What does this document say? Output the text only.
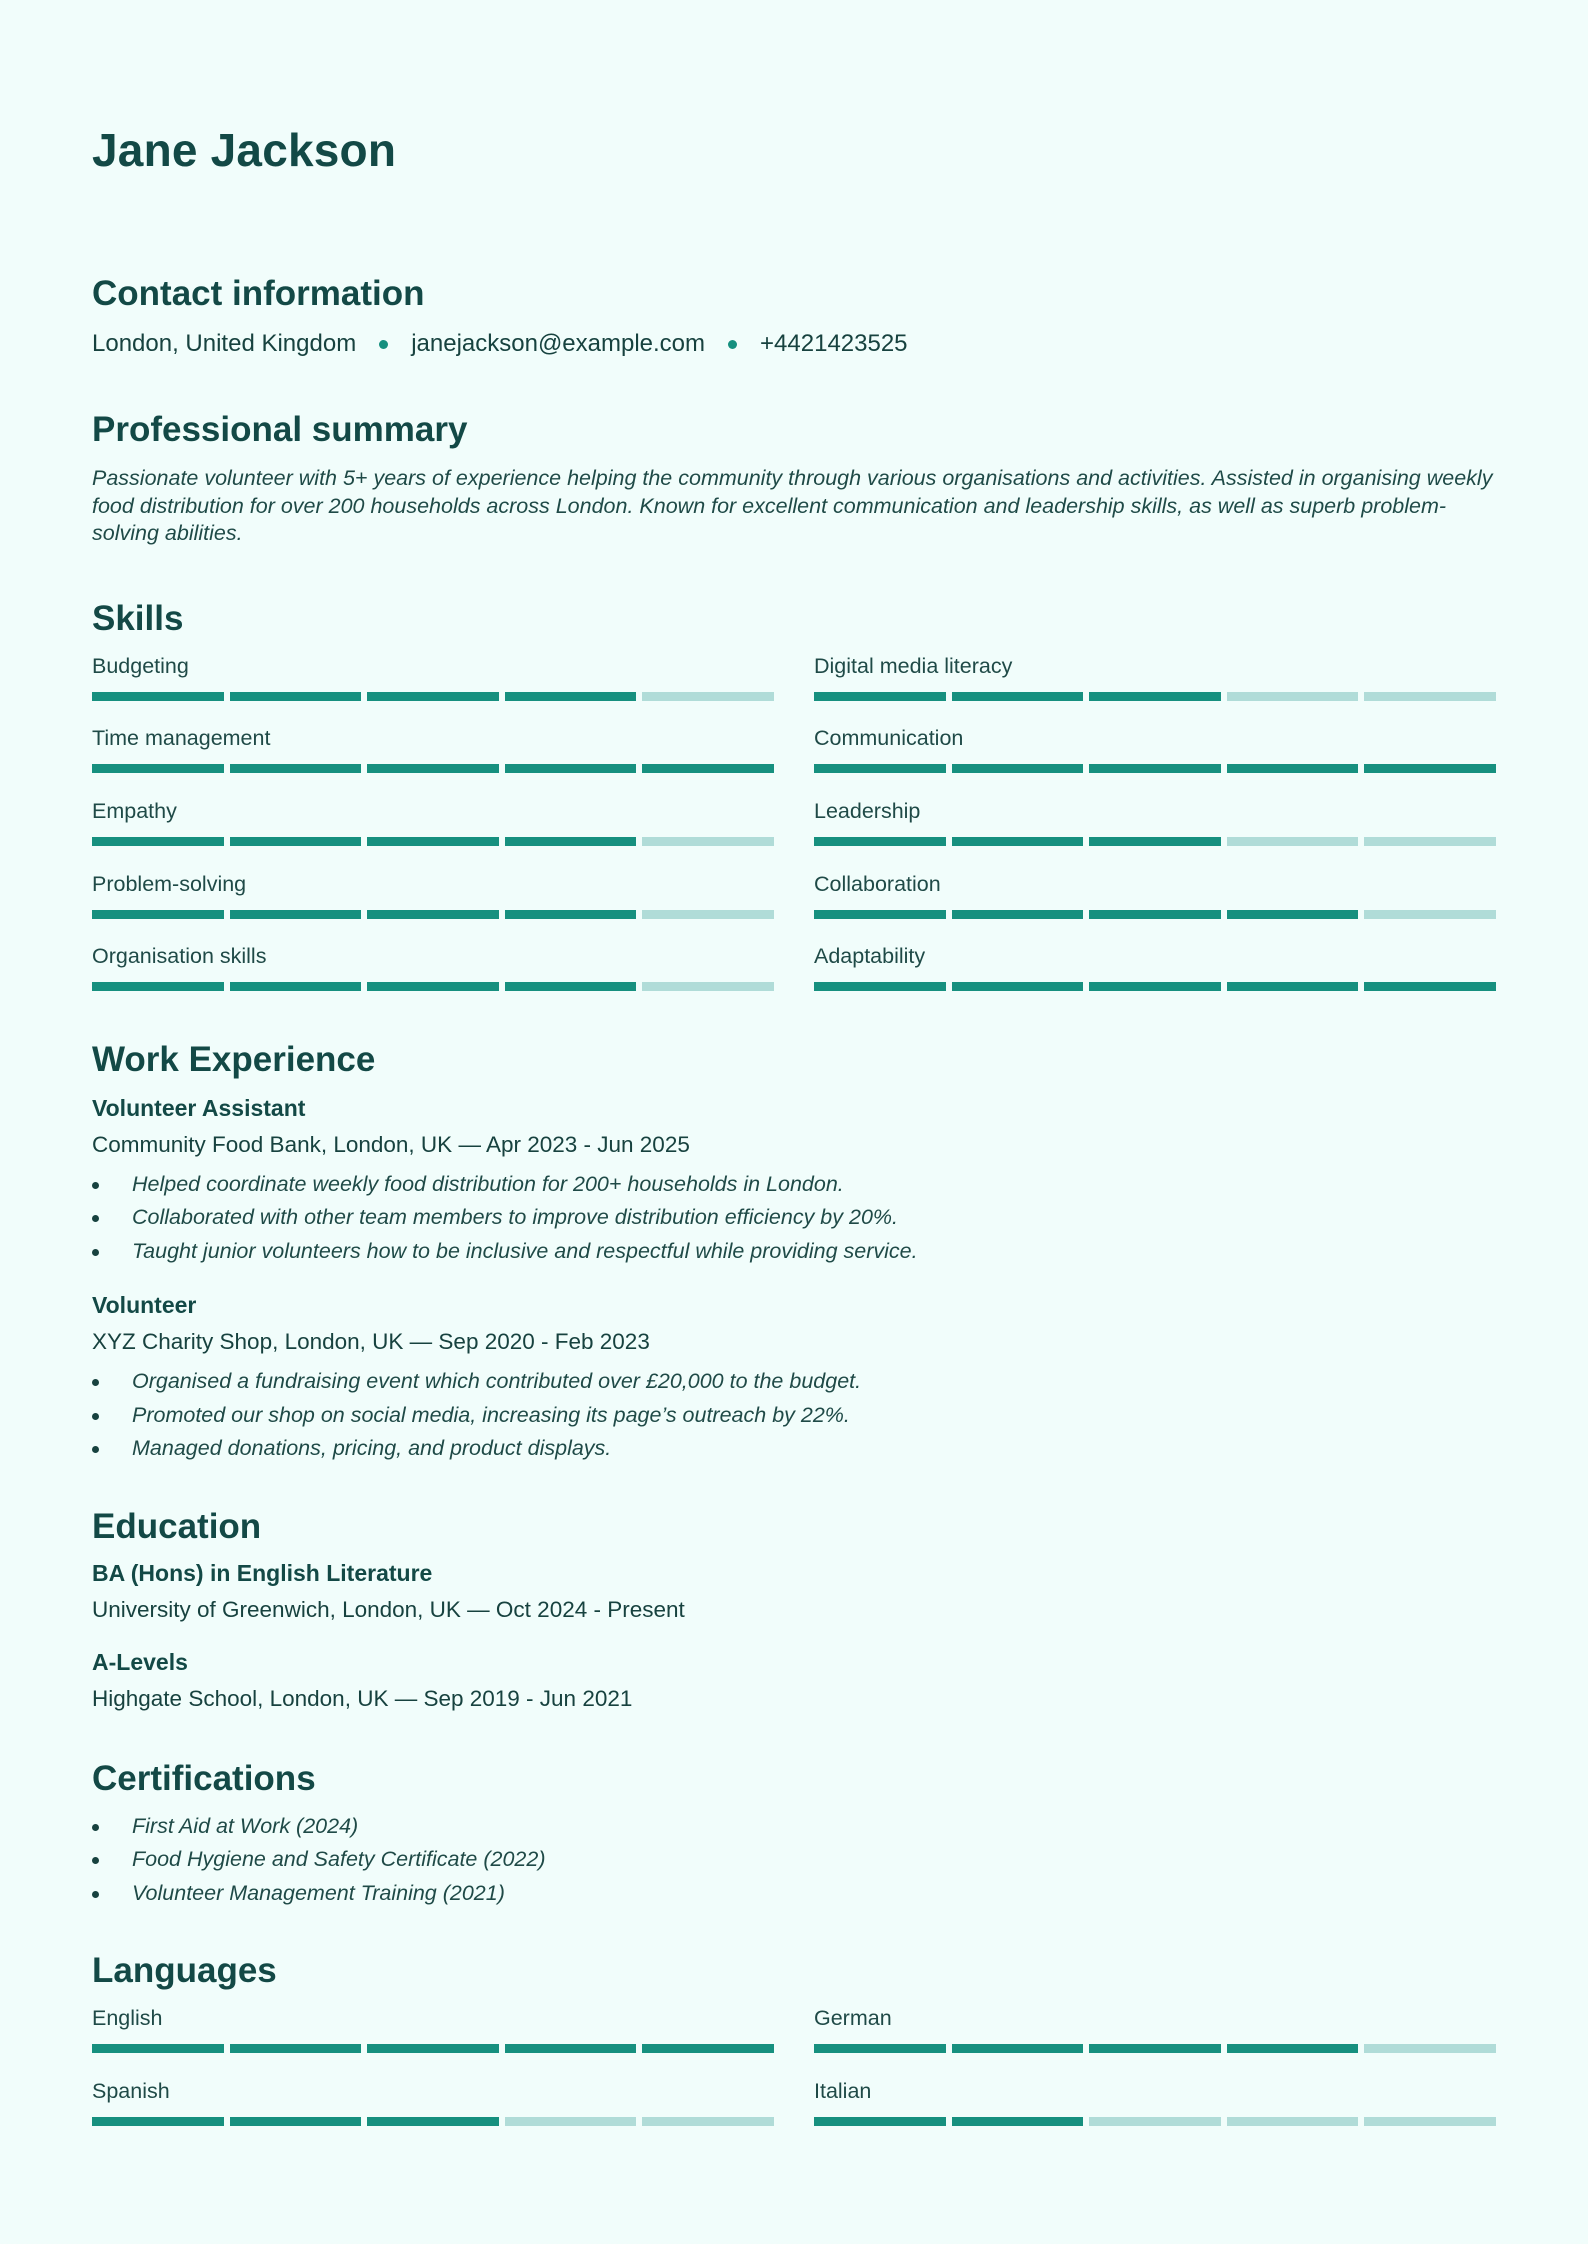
Jane Jackson
Contact information
London, United Kingdom janejackson@example.com +4421423525
Professional summary
Passionate volunteer with 5+ years of experience helping the community through various organisations and activities. Assisted in organising weekly food distribution for over 200 households across London. Known for excellent communication and leadership skills, as well as superb problem-solving abilities.
Skills
Budgeting	Digital media literacy
Time management	Communication
Empathy	Leadership
Problem-solving	Collaboration
Organisation skills	Adaptability
Work Experience
Volunteer Assistant
Community Food Bank, London, UK — Apr 2023 - Jun 2025
Helped coordinate weekly food distribution for 200+ households in London.
Collaborated with other team members to improve distribution efficiency by 20%.
Taught junior volunteers how to be inclusive and respectful while providing service.
Volunteer
XYZ Charity Shop, London, UK — Sep 2020 - Feb 2023
Organised a fundraising event which contributed over £20,000 to the budget.
Promoted our shop on social media, increasing its page’s outreach by 22%.
Managed donations, pricing, and product displays.
Education
BA (Hons) in English Literature
University of Greenwich, London, UK — Oct 2024 - Present
A-Levels
Highgate School, London, UK — Sep 2019 - Jun 2021
Certifications
First Aid at Work (2024)
Food Hygiene and Safety Certificate (2022)
Volunteer Management Training (2021)
Languages
English	German
Spanish	Italian
